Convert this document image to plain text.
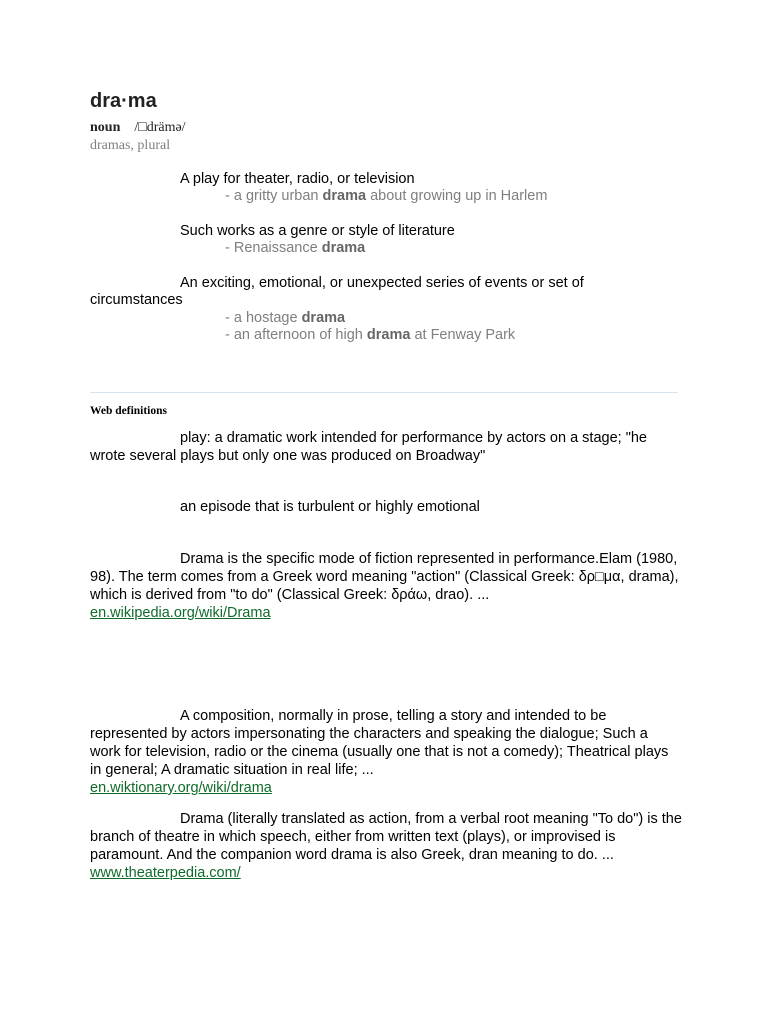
dra·ma
noun /□drämə/
dramas, plural
A play for theater, radio, or television
- a gritty urban drama about growing up in Harlem
Such works as a genre or style of literature
- Renaissance drama
An exciting, emotional, or unexpected series of events or set of circumstances
- a hostage drama
- an afternoon of high drama at Fenway Park
Web definitions
play: a dramatic work intended for performance by actors on a stage; "he wrote several plays but only one was produced on Broadway"
an episode that is turbulent or highly emotional
Drama is the specific mode of fiction represented in performance.Elam (1980, 98). The term comes from a Greek word meaning "action" (Classical Greek: δρ□μα, drama), which is derived from "to do" (Classical Greek: δράω, drao). ...
en.wikipedia.org/wiki/Drama
A composition, normally in prose, telling a story and intended to be represented by actors impersonating the characters and speaking the dialogue; Such a work for television, radio or the cinema (usually one that is not a comedy); Theatrical plays in general; A dramatic situation in real life; ...
en.wiktionary.org/wiki/drama
Drama (literally translated as action, from a verbal root meaning "To do") is the branch of theatre in which speech, either from written text (plays), or improvised is paramount. And the companion word drama is also Greek, dran meaning to do. ...
www.theaterpedia.com/
